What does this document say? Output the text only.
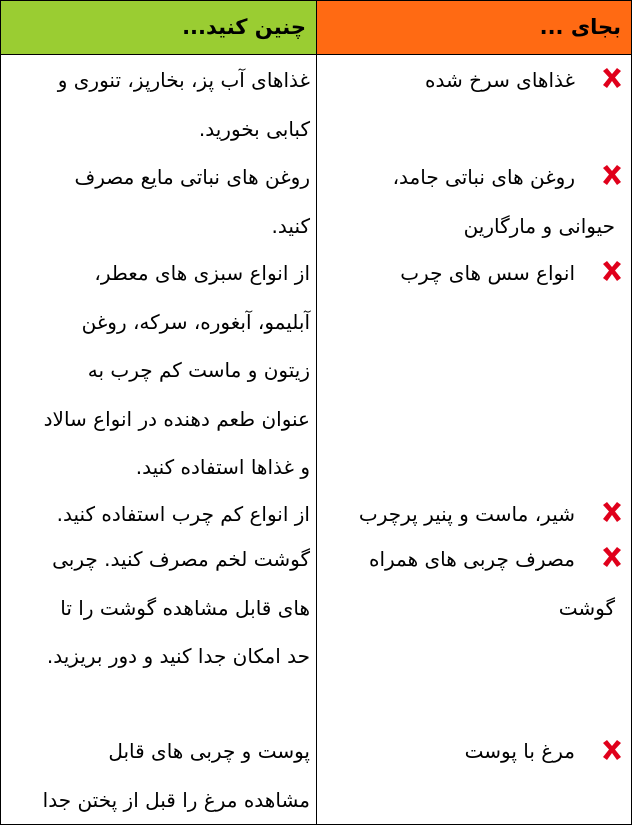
چنین کنید...	بجای ...
غذاهای سرخ شده
غذاهای آب پز، بخارپز، تنوری و
کبابی بخورید.
روغن های نباتی جامد،
حیوانی و مارگارین
روغن های نباتی مایع مصرف
کنید.
انواع سس های چرب
از انواع سبزی های معطر،
آبلیمو، آبغوره، سرکه، روغن
زیتون و ماست کم چرب به
عنوان طعم دهنده در انواع سالاد
و غذاها استفاده کنید.
شیر، ماست و پنیر پرچرب
از انواع کم چرب استفاده کنید.
مصرف چربی های همراه
گوشت
گوشت لخم مصرف کنید. چربی
های قابل مشاهده گوشت را تا
حد امکان جدا کنید و دور بریزید.
مرغ با پوست
پوست و چربی های قابل
مشاهده مرغ را قبل از پختن جدا
